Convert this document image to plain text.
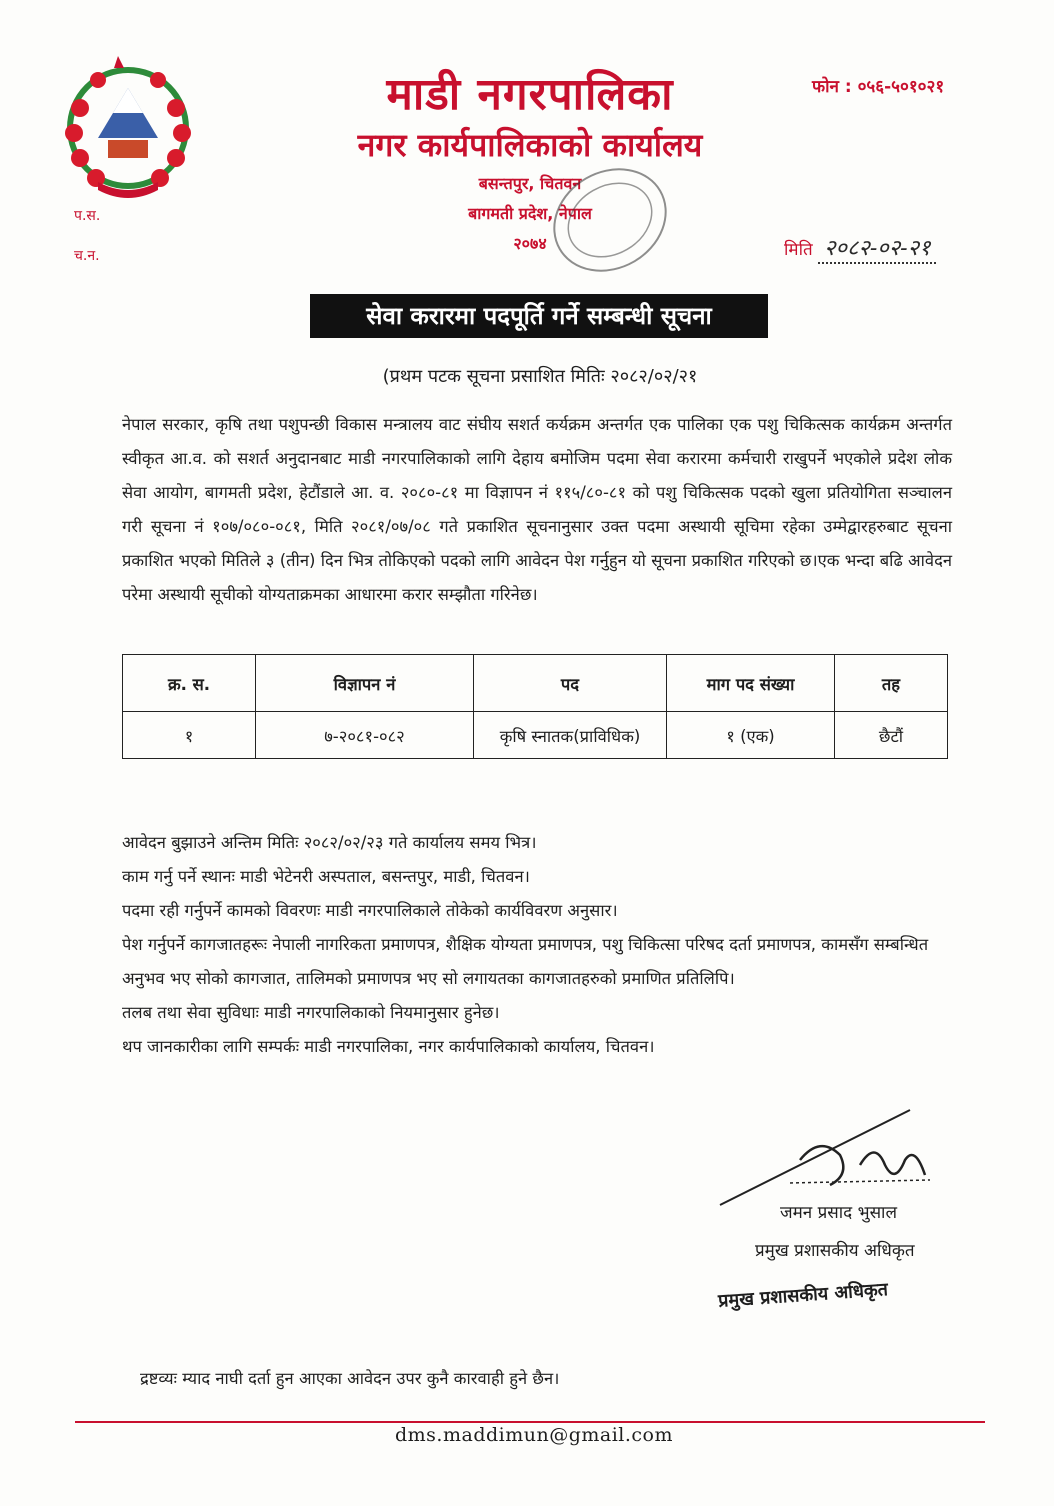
माडी नगरपालिका
नगर कार्यपालिकाको कार्यालय
बसन्तपुर, चितवन
बागमती प्रदेश, नेपाल
२०७४
फोन : ०५६-५०१०२१
प.स.
च.न.	मिति २०८२-०२-२१
सेवा करारमा पदपूर्ति गर्ने सम्बन्धी सूचना
(प्रथम पटक सूचना प्रसाशित मितिः २०८२/०२/२१

नेपाल सरकार, कृषि तथा पशुपन्छी विकास मन्त्रालय वाट संघीय सशर्त कर्यक्रम अन्तर्गत एक पालिका एक पशु चिकित्सक कार्यक्रम अन्तर्गत स्वीकृत आ.व. को सशर्त अनुदानबाट माडी नगरपालिकाको लागि देहाय बमोजिम पदमा सेवा करारमा कर्मचारी राखुपर्ने भएकोले प्रदेश लोक सेवा आयोग, बागमती प्रदेश, हेटौंडाले आ. व. २०८०-८१ मा विज्ञापन नं ११५/८०-८१ को पशु चिकित्सक पदको खुला प्रतियोगिता सञ्चालन गरी सूचना नं १०७/०८०-०८१, मिति २०८१/०७/०८ गते प्रकाशित सूचनानुसार उक्त पदमा अस्थायी सूचिमा रहेका उम्मेद्वारहरुबाट सूचना प्रकाशित भएको मितिले ३ (तीन) दिन भित्र तोकिएको पदको लागि आवेदन पेश गर्नुहुन यो सूचना प्रकाशित गरिएको छ।एक भन्दा बढि आवेदन परेमा अस्थायी सूचीको योग्यताक्रमका आधारमा करार सम्झौता गरिनेछ।

क्र. स.	विज्ञापन नं	पद	माग पद संख्या	तह
१	७-२०८१-०८२	कृषि स्नातक(प्राविधिक)	१ (एक)	छैटौं

आवेदन बुझाउने अन्तिम मितिः २०८२/०२/२३ गते कार्यालय समय भित्र।

काम गर्नु पर्ने स्थानः माडी भेटेनरी अस्पताल, बसन्तपुर, माडी, चितवन।

पदमा रही गर्नुपर्ने कामको विवरणः माडी नगरपालिकाले तोकेको कार्यविवरण अनुसार।

पेश गर्नुपर्ने कागजातहरूः नेपाली नागरिकता प्रमाणपत्र, शैक्षिक योग्यता प्रमाणपत्र, पशु चिकित्सा परिषद दर्ता प्रमाणपत्र, कामसँग सम्बन्धित अनुभव भए सोको कागजात, तालिमको प्रमाणपत्र भए सो लगायतका कागजातहरुको प्रमाणित प्रतिलिपि।

तलब तथा सेवा सुविधाः माडी नगरपालिकाको नियमानुसार हुनेछ।

थप जानकारीका लागि सम्पर्कः माडी नगरपालिका, नगर कार्यपालिकाको कार्यालय, चितवन।

जमन प्रसाद भुसाल
प्रमुख प्रशासकीय अधिकृत
प्रमुख प्रशासकीय अधिकृत
द्रष्टव्यः म्याद नाघी दर्ता हुन आएका आवेदन उपर कुनै कारवाही हुने छैन।
dms.maddimun@gmail.com
